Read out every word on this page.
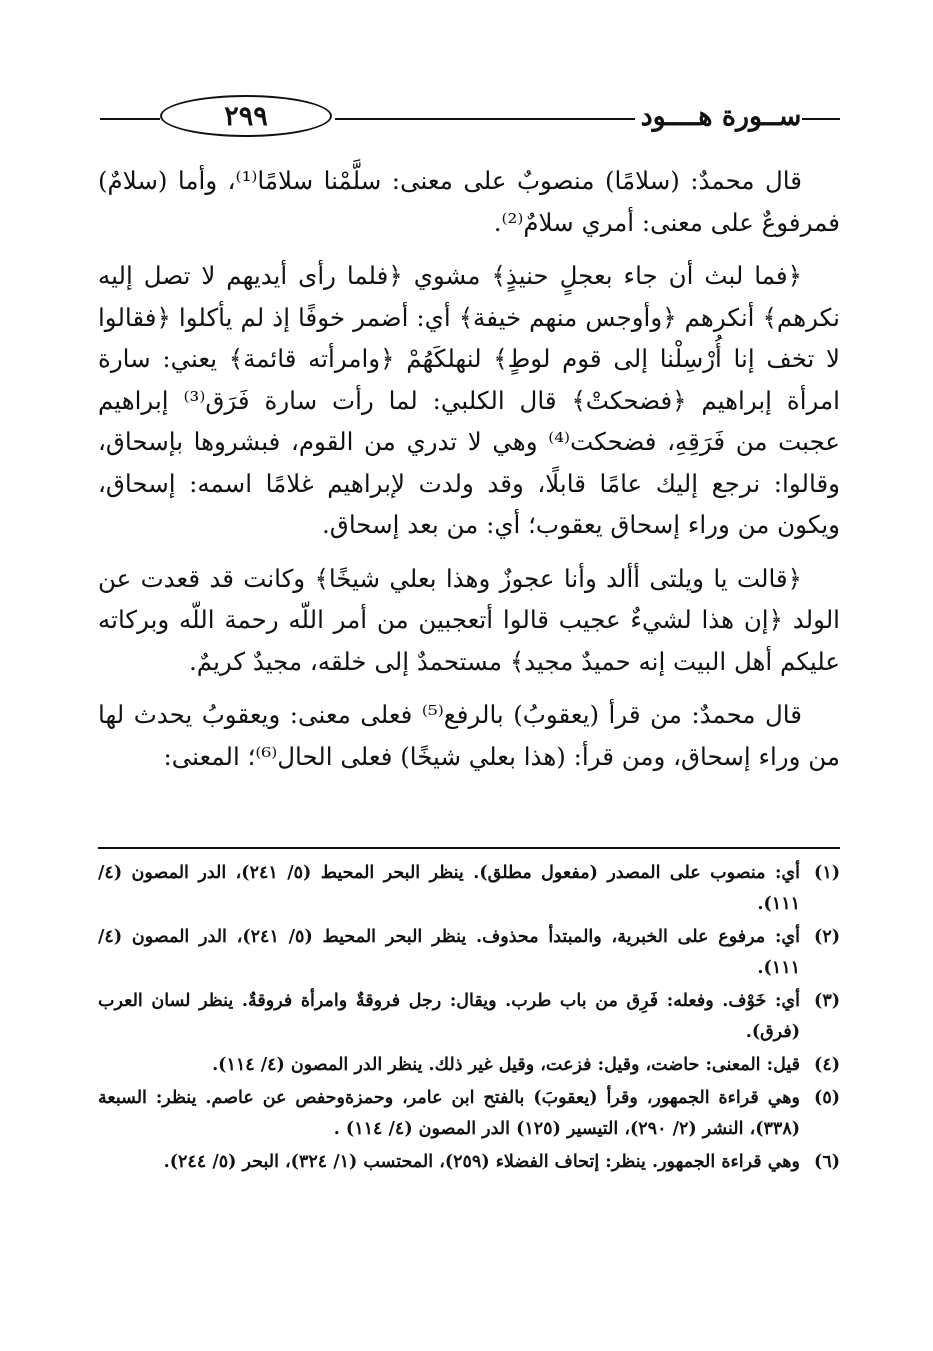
٢٩٩	ســورة هــــود

قال محمدٌ: (سلامًا) منصوبٌ على معنى: سلَّمْنا سلامًا⁽¹⁾، وأما (سلامٌ) فمرفوعٌ على معنى: أمري سلامٌ⁽²⁾.

﴿فما لبث أن جاء بعجلٍ حنيذٍ﴾ مشوي ﴿فلما رأى أيديهم لا تصل إليه نكرهم﴾ أنكرهم ﴿وأوجس منهم خيفة﴾ أي: أضمر خوفًا إذ لم يأكلوا ﴿فقالوا لا تخف إنا أُرْسِلْنا إلى قوم لوطٍ﴾ لنهلكَهُمْ ﴿وامرأته قائمة﴾ يعني: سارة امرأة إبراهيم ﴿فضحكتْ﴾ قال الكلبي: لما رأت سارة فَرَق⁽³⁾ إبراهيم عجبت من فَرَقِهِ، فضحكت⁽⁴⁾ وهي لا تدري من القوم، فبشروها بإسحاق، وقالوا: نرجع إليك عامًا قابلًا، وقد ولدت لإبراهيم غلامًا اسمه: إسحاق، ويكون من وراء إسحاق يعقوب؛ أي: من بعد إسحاق.

﴿قالت يا ويلتى أألد وأنا عجوزٌ وهذا بعلي شيخًا﴾ وكانت قد قعدت عن الولد ﴿إن هذا لشيءٌ عجيب قالوا أتعجبين من أمر اللّه رحمة اللّه وبركاته عليكم أهل البيت إنه حميدٌ مجيد﴾ مستحمدٌ إلى خلقه، مجيدٌ كريمٌ.

قال محمدٌ: من قرأ (يعقوبُ) بالرفع⁽⁵⁾ فعلى معنى: ويعقوبُ يحدث لها من وراء إسحاق، ومن قرأ: (هذا بعلي شيخًا) فعلى الحال⁽⁶⁾؛ المعنى:

(١)
أي: منصوب على المصدر (مفعول مطلق). ينظر البحر المحيط (٥/ ٢٤١)، الدر المصون (٤/ ١١١).
(٢)
أي: مرفوع على الخبرية، والمبتدأ محذوف. ينظر البحر المحيط (٥/ ٢٤١)، الدر المصون (٤/ ١١١).
(٣)
أي: خَوْف. وفعله: فَرِق من باب طرب. ويقال: رجل فروقةٌ وامرأة فروقةٌ. ينظر لسان العرب (فرق).
(٤)
قيل: المعنى: حاضت، وقيل: فزعت، وقيل غير ذلك. ينظر الدر المصون (٤/ ١١٤).
(٥)
وهي قراءة الجمهور، وقرأ (يعقوبَ) بالفتح ابن عامر، وحمزةوحفص عن عاصم. ينظر: السبعة (٣٣٨)، النشر (٢/ ٢٩٠)، التيسير (١٢٥) الدر المصون (٤/ ١١٤) .
(٦)
وهي قراءة الجمهور. ينظر: إتحاف الفضلاء (٢٥٩)، المحتسب (١/ ٣٢٤)، البحر (٥/ ٢٤٤).
